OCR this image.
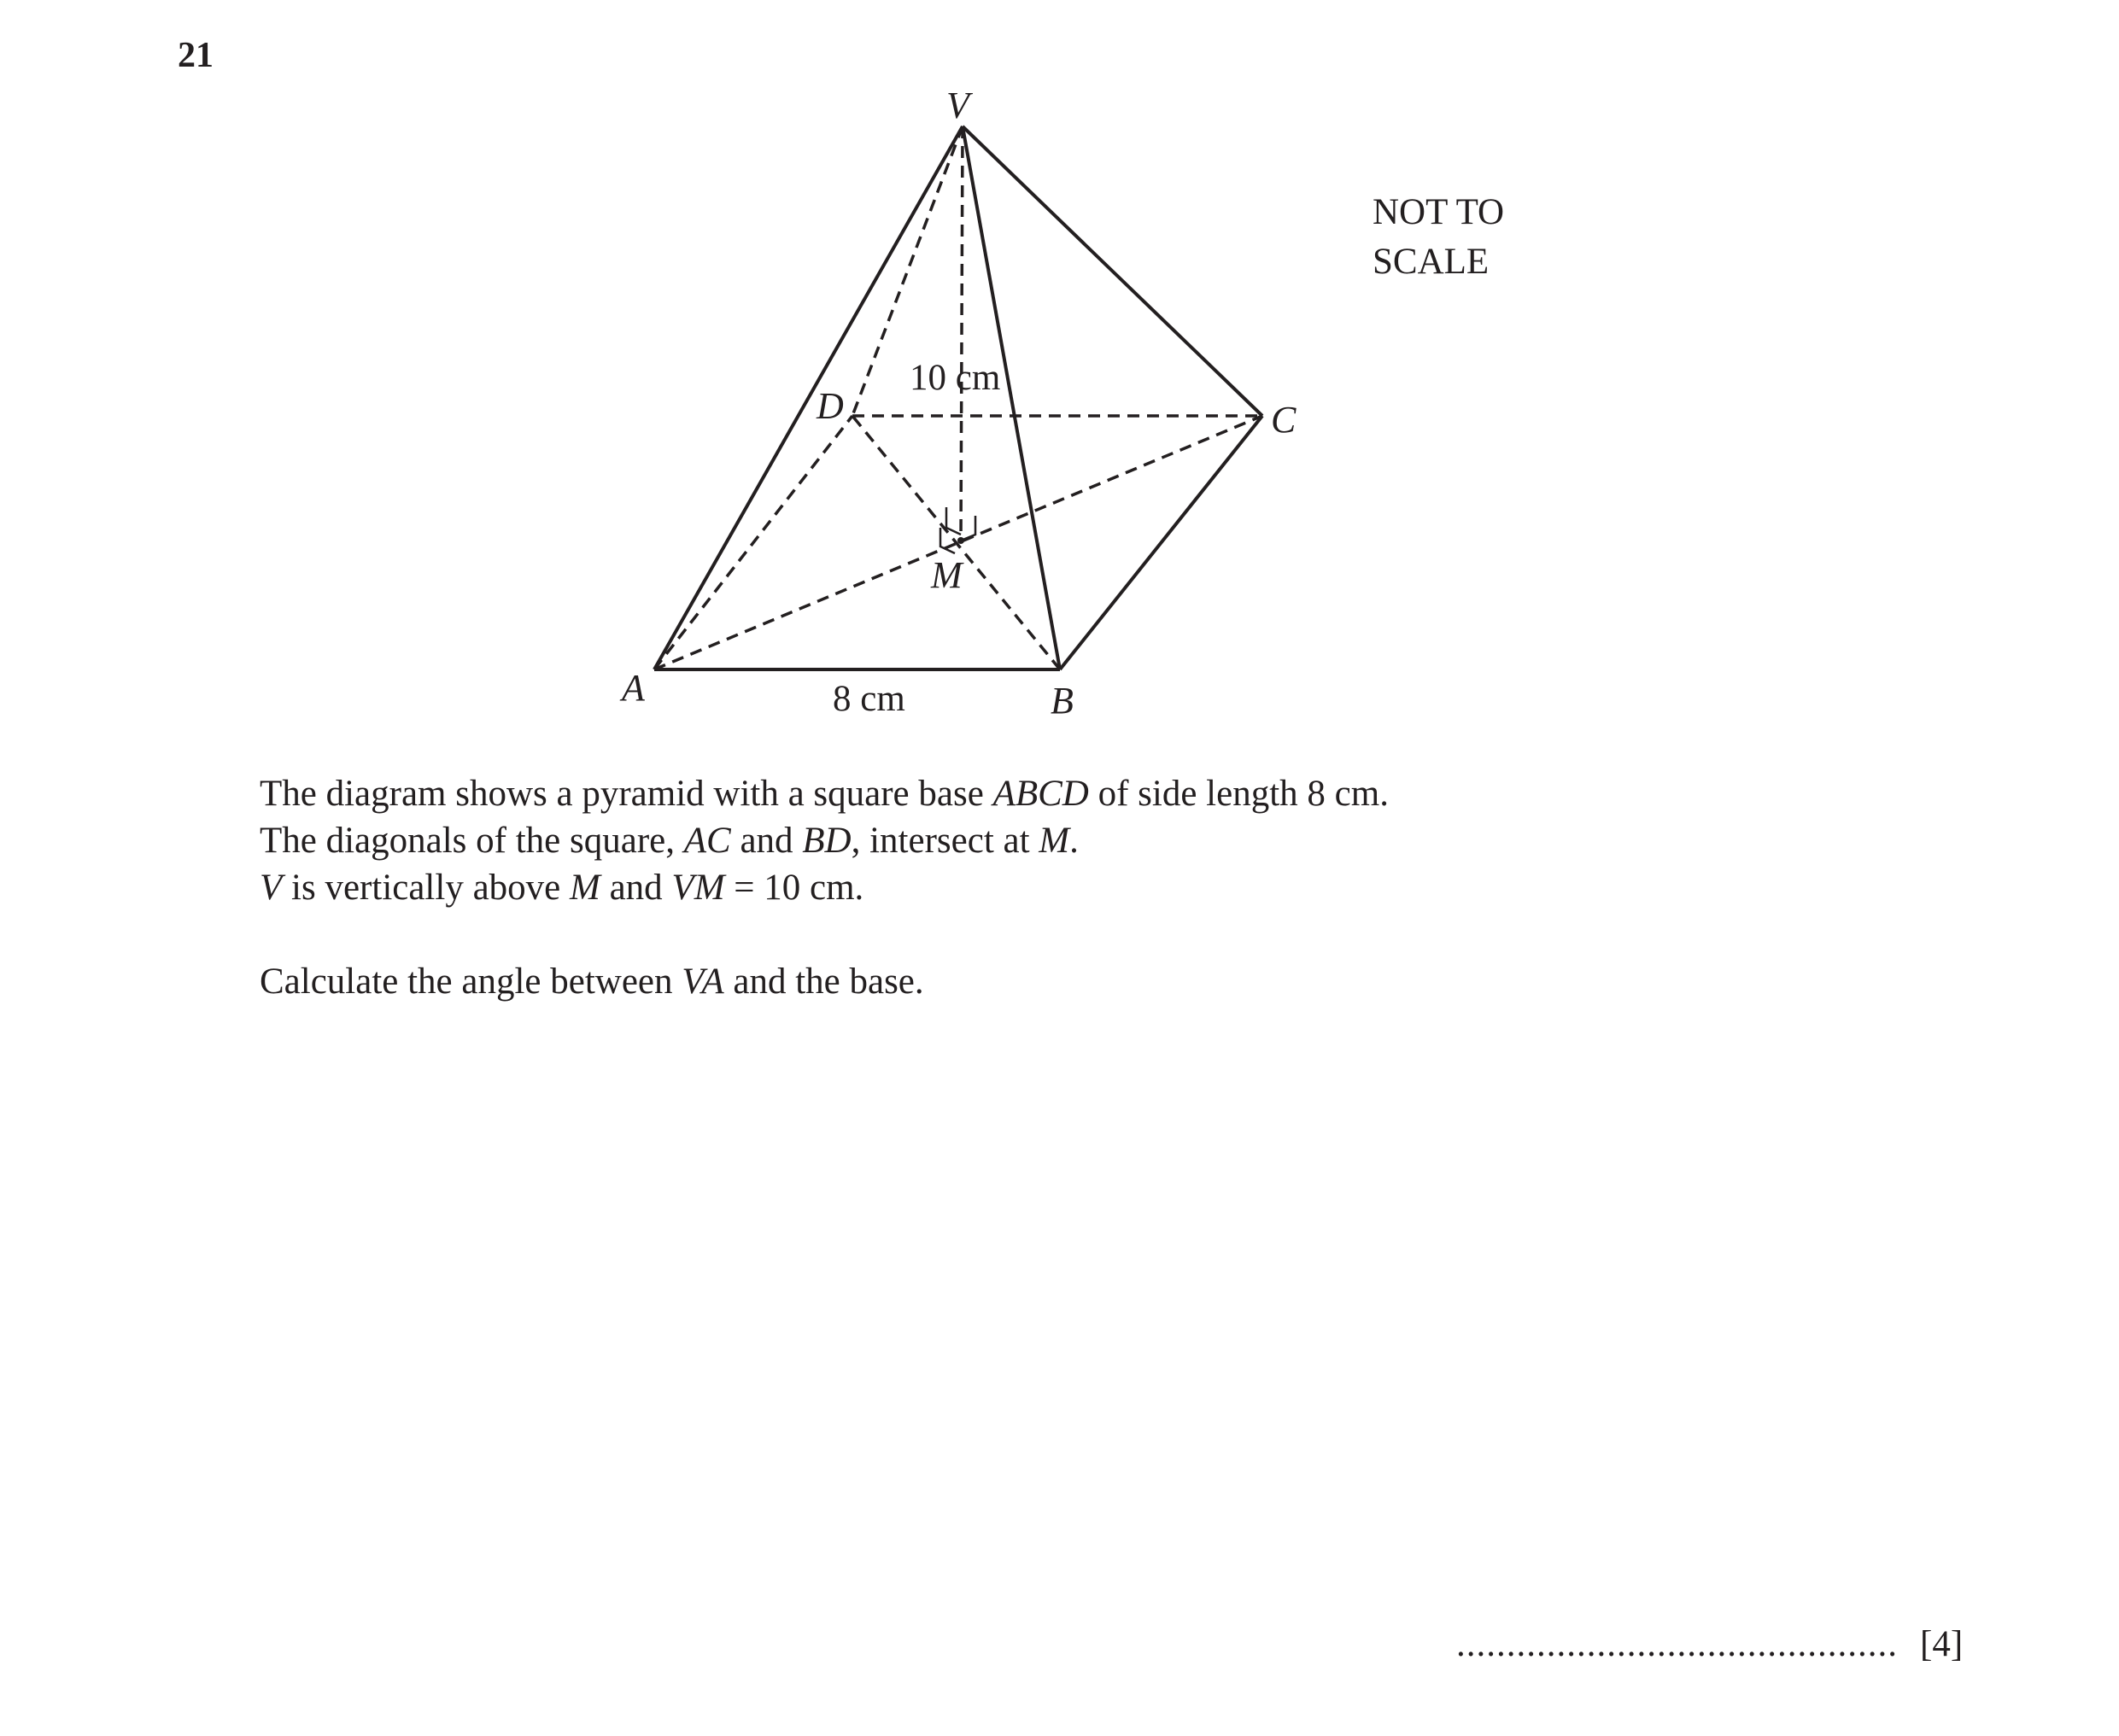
21
V
D	C
M
A	B
10 cm
8 cm
NOT TO
SCALE

The diagram shows a pyramid with a square base ABCD of side length 8 cm.

The diagonals of the square, AC and BD, intersect at M.

V is vertically above M and VM = 10 cm.

Calculate the angle between VA and the base.

............................................ [4]
